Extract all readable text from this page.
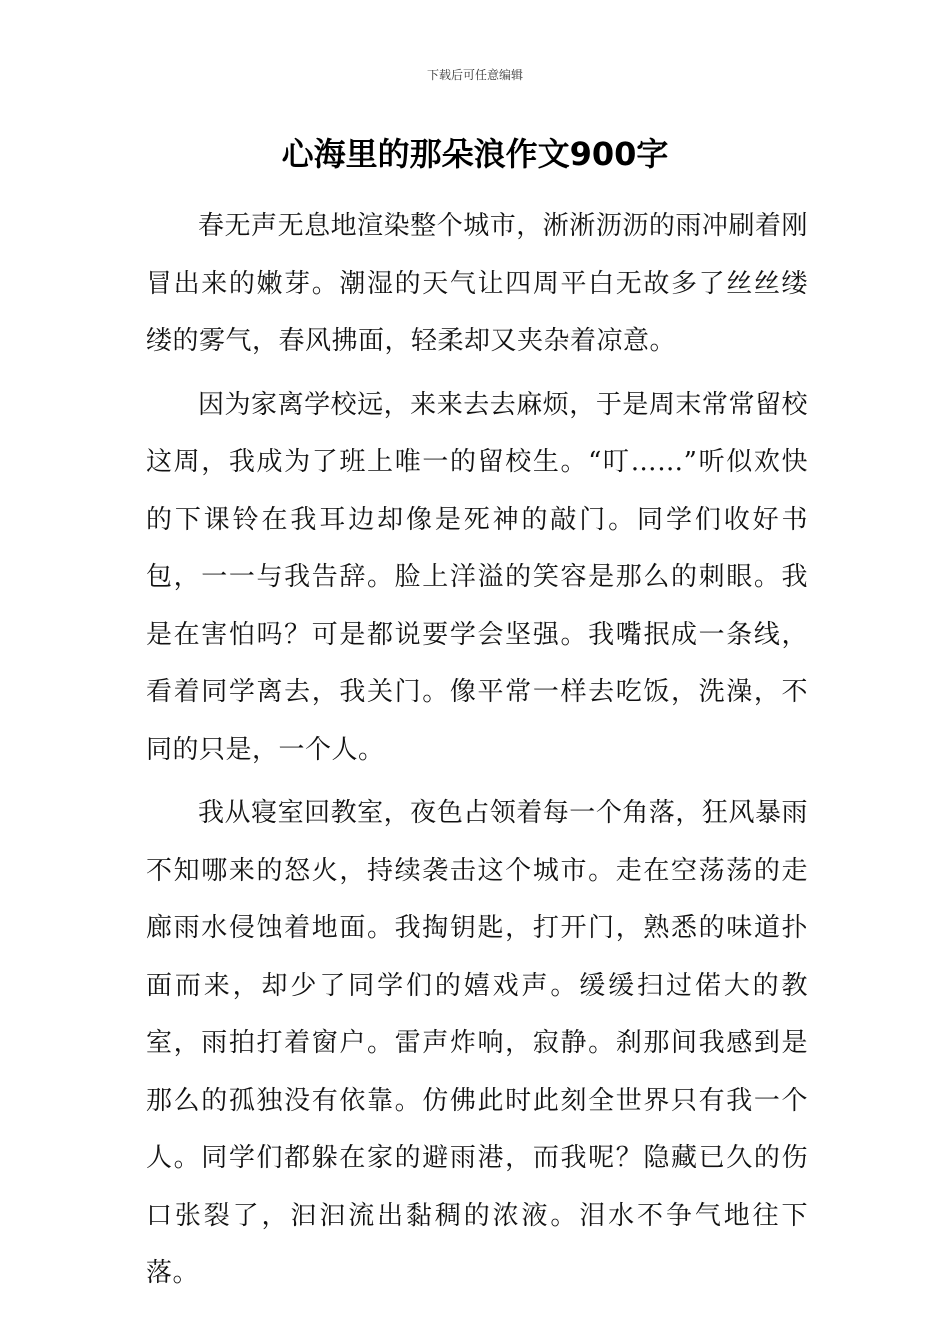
下载后可任意编辑
心海里的那朵浪作文900字

春无声无息地渲染整个城市，淅淅沥沥的雨冲刷着刚冒出来的嫩芽。潮湿的天气让四周平白无故多了丝丝缕缕的雾气，春风拂面，轻柔却又夹杂着凉意。

因为家离学校远，来来去去麻烦，于是周末常常留校这周，我成为了班上唯一的留校生。“叮……”听似欢快的下课铃在我耳边却像是死神的敲门。同学们收好书包，一一与我告辞。脸上洋溢的笑容是那么的刺眼。我是在害怕吗？可是都说要学会坚强。我嘴抿成一条线，看着同学离去，我关门。像平常一样去吃饭，洗澡，不同的只是，一个人。

我从寝室回教室，夜色占领着每一个角落，狂风暴雨不知哪来的怒火，持续袭击这个城市。走在空荡荡的走廊雨水侵蚀着地面。我掏钥匙，打开门，熟悉的味道扑面而来，却少了同学们的嬉戏声。缓缓扫过偌大的教室，雨拍打着窗户。雷声炸响，寂静。刹那间我感到是那么的孤独没有依靠。仿佛此时此刻全世界只有我一个人。同学们都躲在家的避雨港，而我呢？隐藏已久的伤口张裂了，汩汩流出黏稠的浓液。泪水不争气地往下落。
